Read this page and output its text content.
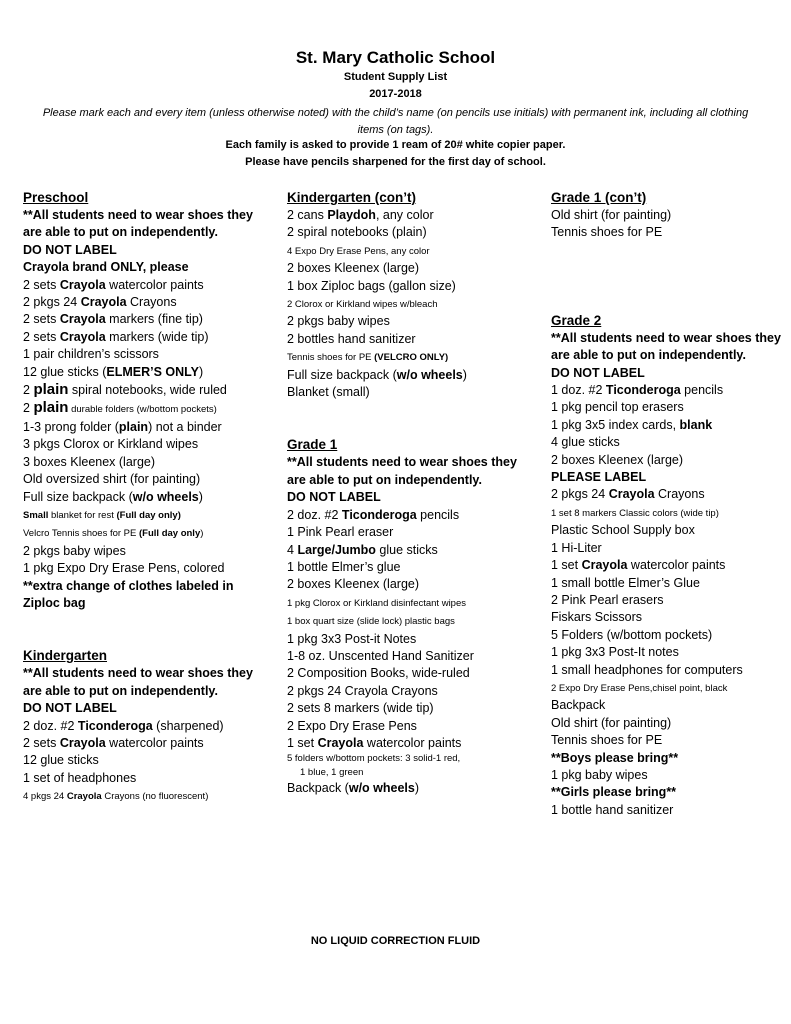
St. Mary Catholic School
Student Supply List
2017-2018
Please mark each and every item (unless otherwise noted) with the child’s name (on pencils use initials) with permanent ink, including all clothing items (on tags).
Each family is asked to provide 1 ream of 20# white copier paper.
Please have pencils sharpened for the first day of school.
Preschool
**All students need to wear shoes they are able to put on independently.
DO NOT LABEL
Crayola brand ONLY, please
2 sets Crayola watercolor paints
2 pkgs 24 Crayola Crayons
2 sets Crayola markers (fine tip)
2 sets Crayola markers (wide tip)
1 pair children’s scissors
12 glue sticks (ELMER’S ONLY)
2 plain spiral notebooks, wide ruled
2 plain durable folders (w/bottom pockets)
1-3 prong folder (plain) not a binder
3 pkgs Clorox or Kirkland wipes
3 boxes Kleenex (large)
Old oversized shirt (for painting)
Full size backpack (w/o wheels)
Small blanket for rest (Full day only)
Velcro Tennis shoes for PE (Full day only)
2 pkgs baby wipes
1 pkg Expo Dry Erase Pens, colored
**extra change of clothes labeled in Ziploc bag
Kindergarten
**All students need to wear shoes they are able to put on independently.
DO NOT LABEL
2 doz. #2 Ticonderoga (sharpened)
2 sets Crayola watercolor paints
12 glue sticks
1 set of headphones
4 pkgs 24 Crayola Crayons (no fluorescent)
Kindergarten (con’t)
2 cans Playdoh, any color
2 spiral notebooks (plain)
4 Expo Dry Erase Pens, any color
2 boxes Kleenex (large)
1 box Ziploc bags (gallon size)
2 Clorox or Kirkland wipes w/bleach
2 pkgs baby wipes
2 bottles hand sanitizer
Tennis shoes for PE (VELCRO ONLY)
Full size backpack (w/o wheels)
Blanket (small)
Grade 1
**All students need to wear shoes they are able to put on independently.
DO NOT LABEL
2 doz. #2 Ticonderoga pencils
1 Pink Pearl eraser
4 Large/Jumbo glue sticks
1 bottle Elmer’s glue
2 boxes Kleenex (large)
1 pkg Clorox or Kirkland disinfectant wipes
1 box quart size (slide lock) plastic bags
1 pkg 3x3 Post-it Notes
1-8 oz. Unscented Hand Sanitizer
2 Composition Books, wide-ruled
2 pkgs 24 Crayola Crayons
2 sets 8 markers (wide tip)
2 Expo Dry Erase Pens
1 set Crayola watercolor paints
5 folders w/bottom pockets: 3 solid-1 red,
1 blue, 1 green
Backpack (w/o wheels)
Grade 1 (con’t)
Old shirt (for painting)
Tennis shoes for PE
Grade 2
**All students need to wear shoes they are able to put on independently.
DO NOT LABEL
1 doz. #2 Ticonderoga pencils
1 pkg pencil top erasers
1 pkg 3x5 index cards, blank
4 glue sticks
2 boxes Kleenex (large)
PLEASE LABEL
2 pkgs 24 Crayola Crayons
1 set 8 markers Classic colors (wide tip)
Plastic School Supply box
1 Hi-Liter
1 set Crayola watercolor paints
1 small bottle Elmer’s Glue
2 Pink Pearl erasers
Fiskars Scissors
5 Folders (w/bottom pockets)
1 pkg 3x3 Post-It notes
1 small headphones for computers
2 Expo Dry Erase Pens,chisel point, black
Backpack
Old shirt (for painting)
Tennis shoes for PE
**Boys please bring**
1 pkg baby wipes
**Girls please bring**
1 bottle hand sanitizer
NO LIQUID CORRECTION FLUID
